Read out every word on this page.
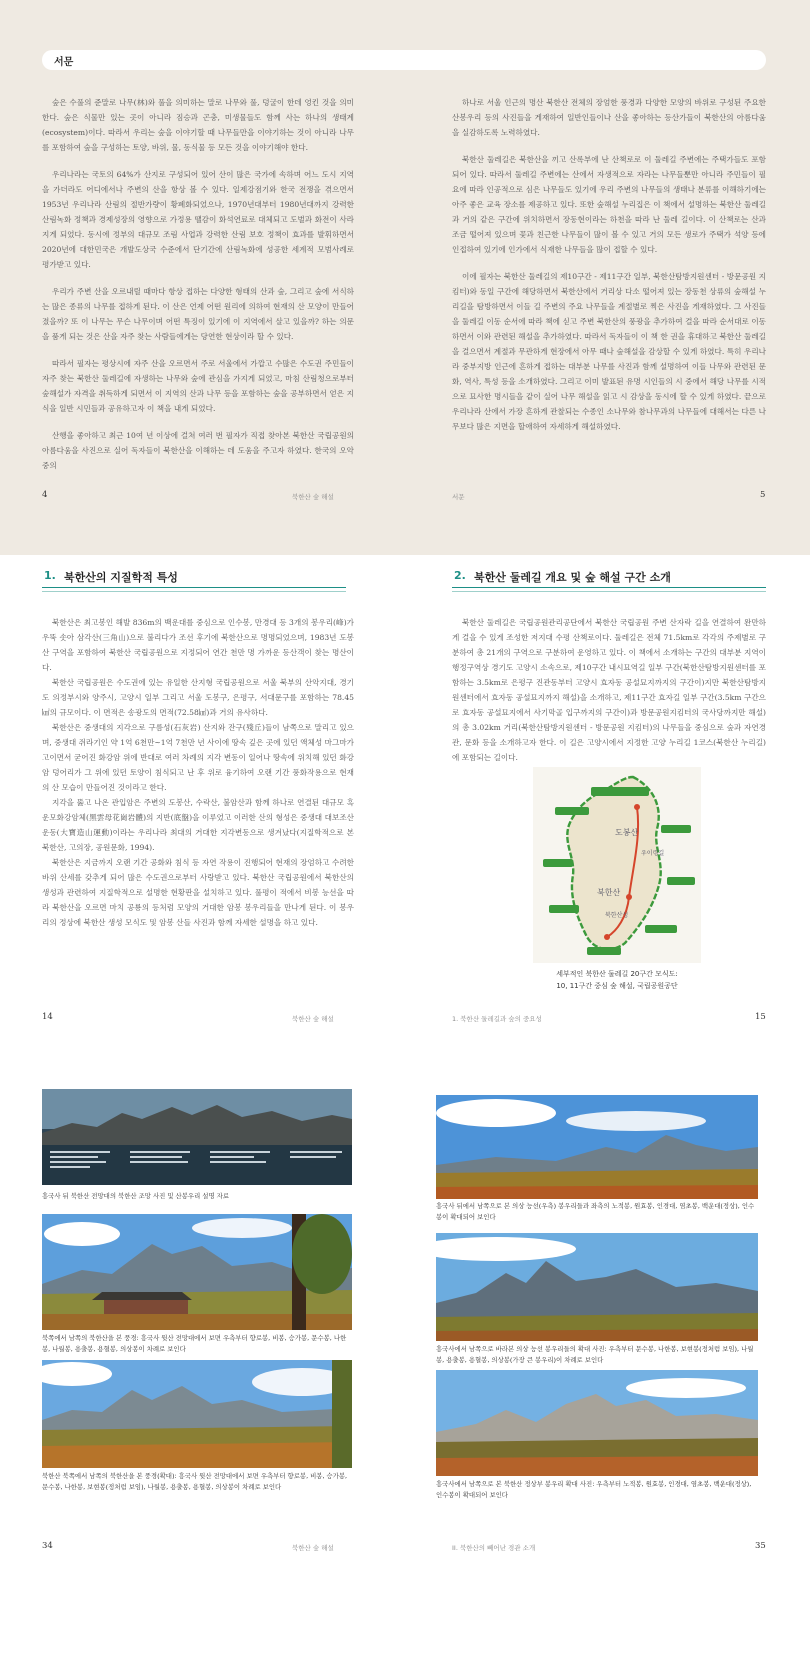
서문

숲은 수풀의 준말로 나무(林)와 풀을 의미하는 말로 나무와 풀, 덩굴이 한데 엉킨 것을 의미한다. 숲은 식물만 있는 곳이 아니라 짐승과 곤충, 미생물들도 함께 사는 하나의 생태계(ecosystem)이다. 따라서 우리는 숲을 이야기할 때 나무들만을 이야기하는 것이 아니라 나무를 포함하여 숲을 구성하는 토양, 바위, 물, 동식물 등 모든 것을 이야기해야 한다.

우리나라는 국토의 64%가 산지로 구성되어 있어 산이 많은 국가에 속하며 어느 도시 지역을 가더라도 어디에서나 주변의 산을 항상 볼 수 있다. 일제강점기와 한국 전쟁을 겪으면서 1953년 우리나라 산림의 절반가량이 황폐화되었으나, 1970년대부터 1980년대까지 강력한 산림녹화 정책과 경제성장의 영향으로 가정용 땔감이 화석연료로 대체되고 도벌과 화전이 사라지게 되었다. 동시에 정부의 대규모 조림 사업과 강력한 산림 보호 정책이 효과를 발휘하면서 2020년에 대한민국은 개발도상국 수준에서 단기간에 산림녹화에 성공한 세계적 모범사례로 평가받고 있다.

우리가 주변 산을 오르내릴 때마다 항상 접하는 다양한 형태의 산과 숲, 그리고 숲에 서식하는 많은 종류의 나무를 접하게 된다. 이 산은 언제 어떤 원리에 의하여 현재의 산 모양이 만들어졌을까? 또 이 나무는 무슨 나무이며 어떤 특징이 있기에 이 지역에서 살고 있을까? 하는 의문을 품게 되는 것은 산을 자주 찾는 사람들에게는 당연한 현상이라 할 수 있다.

따라서 필자는 평상시에 자주 산을 오르면서 주로 서울에서 가깝고 수많은 수도권 주민들이 자주 찾는 북한산 둘레길에 자생하는 나무와 숲에 관심을 가지게 되었고, 마침 산림청으로부터 숲해설가 자격을 취득하게 되면서 이 지역의 산과 나무 등을 포함하는 숲을 공부하면서 얻은 지식을 일반 시민들과 공유하고자 이 책을 내게 되었다.

산행을 좋아하고 최근 10여 년 이상에 걸쳐 여러 번 필자가 직접 찾아본 북한산 국립공원의 아름다움을 사진으로 실어 독자들이 북한산을 이해하는 데 도움을 주고자 하였다. 한국의 오악 중의

하나로 서울 인근의 명산 북한산 전체의 장엄한 풍경과 다양한 모양의 바위로 구성된 주요한 산봉우리 등의 사진들을 게재하여 일반인들이나 산을 좋아하는 등산가들이 북한산의 아름다움을 실감하도록 노력하였다.

북한산 둘레길은 북한산을 끼고 산록부에 난 산책로로 이 둘레길 주변에는 주택가들도 포함되어 있다. 따라서 둘레길 주변에는 산에서 자생적으로 자라는 나무들뿐만 아니라 주민들이 필요에 따라 인공적으로 심은 나무들도 있기에 우리 주변의 나무들의 생태나 분류를 이해하기에는 아주 좋은 교육 장소를 제공하고 있다. 또한 숲해설 누리집은 이 책에서 설명하는 북한산 둘레길과 거의 같은 구간에 위치하면서 장동현이라는 하천을 따라 난 둘레 길이다. 이 산책로는 산과 조금 떨어져 있으며 꽃과 친근한 나무들이 많이 볼 수 있고 거의 모든 생로가 주택가 석양 등에 인접하여 있기에 인가에서 식재한 나무들을 많이 접할 수 있다.

이에 필자는 북한산 둘레길의 제10구간 - 제11구간 일부, 북한산탐방지원센터 - 방문공원 지킴터)와 동일 구간에 해당하면서 북한산에서 거리상 다소 떨어져 있는 장동천 상류의 숲해설 누리길을 탐방하면서 이들 길 주변의 주요 나무들을 계절별로 찍은 사진을 게재하였다. 그 사진들을 둘레길 이동 순서에 따라 책에 싣고 주변 북한산의 풍광을 추가하여 걸을 따라 순서대로 이동하면서 이와 관련된 해설을 추가하였다. 따라서 독자들이 이 책 한 권을 휴대하고 북한산 둘레길을 걸으면서 계절과 무관하게 현장에서 아무 때나 숲해설을 감상할 수 있게 하였다. 특히 우리나라 중부지방 인근에 흔하게 접하는 대부분 나무를 사진과 함께 설명하여 이들 나무와 관련된 문화, 역사, 특성 등을 소개하였다. 그리고 이미 발표된 유명 시인들의 시 중에서 해당 나무를 시적으로 묘사한 명시들을 같이 실어 나무 해설을 읽고 시 감상을 동시에 할 수 있게 하였다. 끝으로 우리나라 산에서 가장 흔하게 관찰되는 수종인 소나무와 참나무과의 나무들에 대해서는 다른 나무보다 많은 지면을 할애하여 자세하게 해설하였다.

4	북한산 숲 해설	서문	5
1. 북한산의 지질학적 특성

북한산은 최고봉인 해발 836m의 백운대를 중심으로 인수봉, 만경대 등 3개의 봉우리(峰)가 우뚝 솟아 삼각산(三角山)으로 불리다가 조선 후기에 북한산으로 명명되었으며, 1983년 도봉산 구역을 포함하여 북한산 국립공원으로 지정되어 연간 천만 명 가까운 등산객이 찾는 명산이다.

북한산 국립공원은 수도권에 있는 유일한 산지형 국립공원으로 서울 북부의 산악지대, 경기도 의정부시와 양주시, 고양시 일부 그리고 서울 도봉구, 은평구, 서대문구를 포함하는 78.45㎢의 규모이다. 이 면적은 송광도의 면적(72.58㎢)과 거의 유사하다.

북한산은 중생대의 지각으로 구름성(石灰岩) 산지와 잔구(殘丘)들이 남쪽으로 말리고 있으며, 중생대 쥐라기인 약 1억 6천만~1억 7천만 년 사이에 땅속 깊은 곳에 있던 액체성 마그마가 고이면서 굳어진 화강암 위에 반대로 여러 차례의 지각 변동이 일어나 땅속에 위치해 있던 화강암 덩어리가 그 위에 있던 토양이 침식되고 난 후 위로 융기하여 오랜 기간 풍화작용으로 현재의 산 모습이 만들어진 것이라고 한다.

지각을 뚫고 나온 관입암은 주변의 도봉산, 수락산, 불암산과 함께 하나로 연결된 대규모 흑운모화강암체(黑雲母花崗岩體)의 지반(底盤)을 이루었고 이러한 산의 형성은 중생대 대보조산운동(大寶造山運動)이라는 우리나라 최대의 거대한 지각변동으로 생겨났다(지질학적으로 본 북한산, 고의장, 공원문화, 1994).

북한산은 지금까지 오랜 기간 공화와 침식 등 자연 작용이 진행되어 현재의 장엄하고 수려한 바위 산세를 갖추게 되어 많은 수도권으로부터 사랑받고 있다. 북한산 국립공원에서 북한산의 생성과 관련하여 지질학적으로 설명한 현황판을 설치하고 있다. 풀평이 적에서 비봉 능선을 따라 북한산을 오르면 마치 공룡의 등처럼 모양의 거대한 암봉 봉우리들을 만나게 된다. 이 봉우리의 정상에 북한산 생성 모식도 및 암봉 산들 사진과 함께 자세한 설명을 하고 있다.

2. 북한산 둘레길 개요 및 숲 해설 구간 소개

북한산 둘레길은 국립공원관리공단에서 북한산 국립공원 주변 산자락 길을 연결하여 완만하게 걸을 수 있게 조성한 저지대 수평 산책로이다. 둘레길은 전체 71.5km로 각각의 주제별로 구분하여 총 21개의 구역으로 구분하여 운영하고 있다. 이 책에서 소개하는 구간의 대부분 지역이 행정구역상 경기도 고양시 소속으로, 제10구간 내시묘역길 일부 구간(북한산탐방지원센터를 포함하는 3.5km로 은평구 진관동부터 고양시 효자동 공설묘지까지의 구간이)지만 북한산탐방지원센터에서 효자동 공설묘지까지 해설)을 소개하고, 제11구간 효자길 일부 구간(3.5km 구간으로 효자동 공설묘지에서 사기막골 입구까지의 구간이)과 방문공원지킴터의 국사당까지만 해설)의 총 3.02km 거리(북한산탐방지원센터 - 방문공원 지킴터)의 나무들을 중심으로 숲과 자연경관, 문화 등을 소개하고자 한다. 이 길은 고양시에서 지정한 고양 누리길 1코스(북한산 누리길)에 포함되는 길이다.

도봉산
북한산
우이령길
북한산성
세부적인 북한산 둘레길 20구간 모식도:
10, 11구간 중심 숲 해설, 국립공원공단
14	북한산 숲 해설	1. 북한산 둘레길과 숲의 중요성	15
흥국사 뒤 북한산 전망대의 북한산 조망 사진 및 산봉우리 설명 자료
북쪽에서 남쪽의 북한산을 본 풍경: 흥국사 뒷산 전망대에서 보면 우측부터 향로봉, 비봉, 승가봉, 문수봉, 나한봉, 나월봉, 용출봉, 용혈봉, 의상봉이 차례로 보인다
북한산 북쪽에서 남쪽의 북한산을 본 풍경(확대): 흥국사 뒷산 전망대에서 보면 우측부터 향로봉, 비봉, 승가봉, 문수봉, 나한봉, 보현봉(정처럼 보임), 나월봉, 용출봉, 용혈봉, 의상봉이 차례로 보인다
흥국사 뒤에서 남쪽으로 본 의상 능선(우측) 봉우리들과 좌측의 노적봉, 원효봉, 인경대, 염초봉, 백운대(정상), 인수봉이 확대되어 보인다
흥국사에서 남쪽으로 바라본 의상 능선 봉우리들의 확대 사진: 우측부터 문수봉, 나한봉, 보현봉(정처럼 보임), 나월봉, 용출봉, 용혈봉, 의상봉(가장 큰 봉우리)이 차례로 보인다
흥국사에서 남쪽으로 본 북한산 정상부 봉우리 확대 사진: 우측부터 노적봉, 원효봉, 인경대, 염초봉, 백운대(정상), 인수봉이 확대되어 보인다
34	북한산 숲 해설	II. 북한산의 빼어난 경관 소개	35
